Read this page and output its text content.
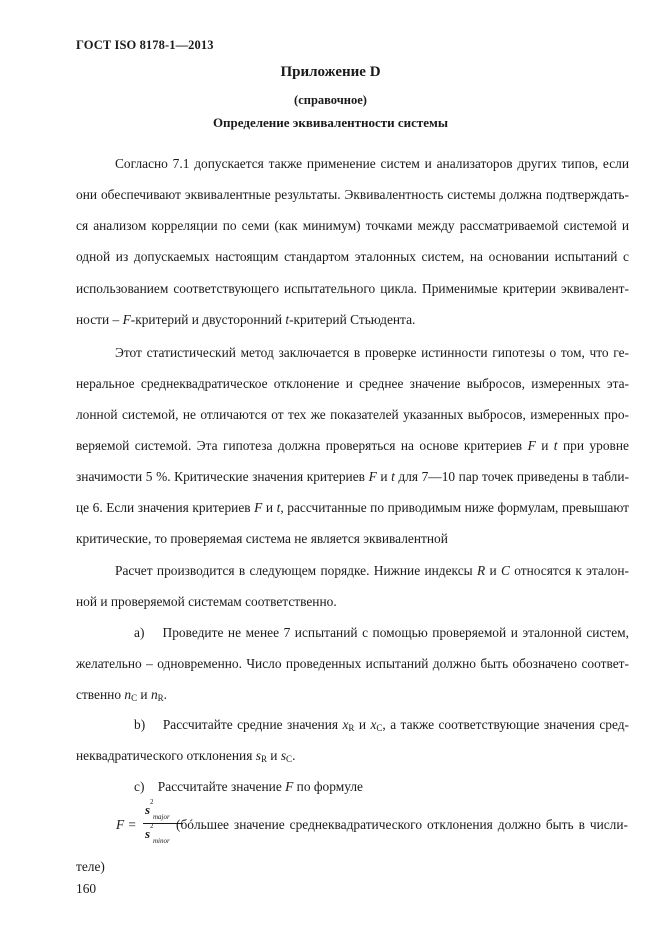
ГОСТ ISO 8178-1—2013
Приложение D
(справочное)
Определение эквивалентности системы
Согласно 7.1 допускается также применение систем и анализаторов других типов, если
они обеспечивают эквивалентные результаты. Эквивалентность системы должна подтверждать-
ся анализом корреляции по семи (как минимум) точками между рассматриваемой системой и
одной из допускаемых настоящим стандартом эталонных систем, на основании испытаний с
использованием соответствующего испытательного цикла. Применимые критерии эквивалент-
ности – F-критерий и двусторонний t-критерий Стьюдента.
Этот статистический метод заключается в проверке истинности гипотезы о том, что ге-
неральное среднеквадратическое отклонение и среднее значение выбросов, измеренных эта-
лонной системой, не отличаются от тех же показателей указанных выбросов, измеренных про-
веряемой системой. Эта гипотеза должна проверяться на основе критериев F и t при уровне
значимости 5 %. Критические значения критериев F и t для 7—10 пар точек приведены в табли-
це 6. Если значения критериев F и t, рассчитанные по приводимым ниже формулам, превышают
критические, то проверяемая система не является эквивалентной
Расчет производится в следующем порядке. Нижние индексы R и C относятся к эталон-
ной и проверяемой системам соответственно.
a) Проведите не менее 7 испытаний с помощью проверяемой и эталонной систем,
желательно – одновременно. Число проведенных испытаний должно быть обозначено соответ-
ственно $n_C$ и $n_R$.
b) Рассчитайте средние значения $x_R$ и $x_C$, а также соответствующие значения сред-
неквадратического отклонения $s_R$ и $s_C$.
c) Рассчитайте значение F по формуле
F =
s 2
major
s 2
minor
(бóльшее значение среднеквадратического отклонения должно быть в числи-
теле)
160
